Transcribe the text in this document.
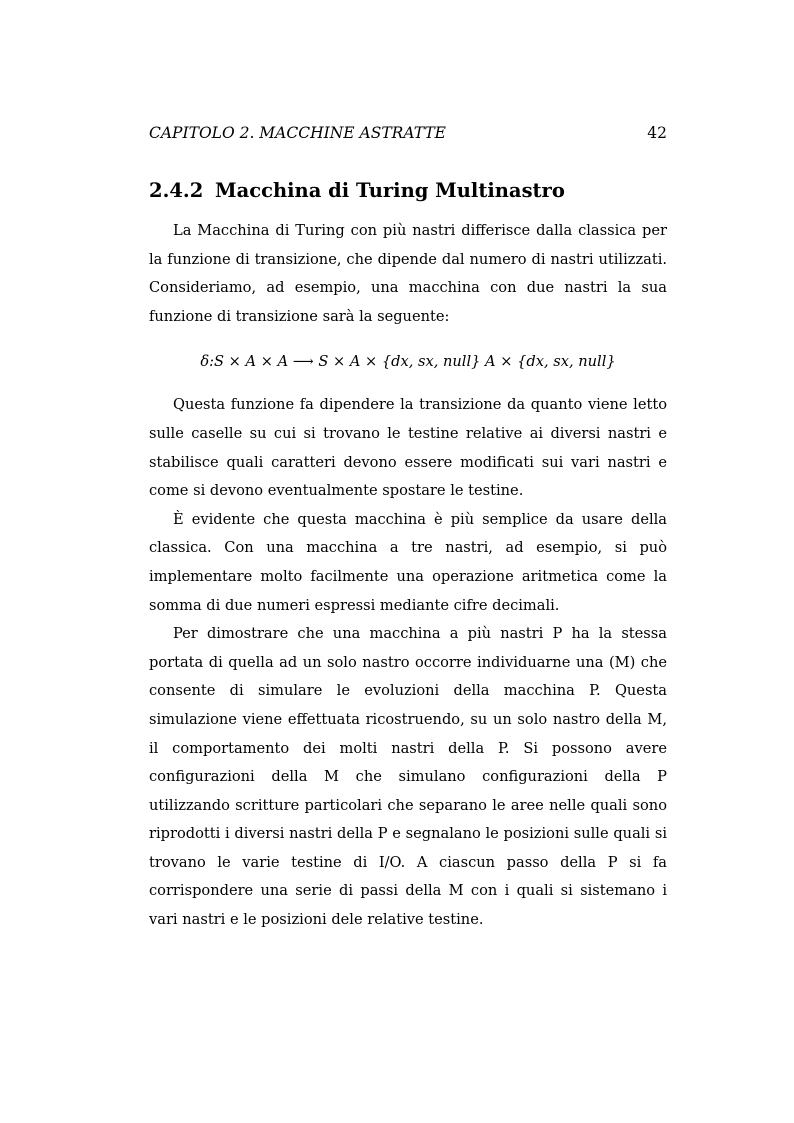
CAPITOLO 2. MACCHINE ASTRATTE	42
2.4.2 Macchina di Turing Multinastro

La Macchina di Turing con più nastri differisce dalla classica per la funzione di transizione, che dipende dal numero di nastri utilizzati. Consideriamo, ad esempio, una macchina con due nastri la sua funzione di transizione sarà la seguente:

δ:S × A × A ⟶ S × A × {dx, sx, null} A × {dx, sx, null}

Questa funzione fa dipendere la transizione da quanto viene letto sulle caselle su cui si trovano le testine relative ai diversi nastri e stabilisce quali caratteri devono essere modificati sui vari nastri e come si devono eventualmente spostare le testine.

È evidente che questa macchina è più semplice da usare della classica. Con una macchina a tre nastri, ad esempio, si può implementare molto facilmente una operazione aritmetica come la somma di due numeri espressi mediante cifre decimali.

Per dimostrare che una macchina a più nastri P ha la stessa portata di quella ad un solo nastro occorre individuarne una (M) che consente di simulare le evoluzioni della macchina P. Questa simulazione viene effettuata ricostruendo, su un solo nastro della M, il comportamento dei molti nastri della P. Si possono avere configurazioni della M che simulano configurazioni della P utilizzando scritture particolari che separano le aree nelle quali sono riprodotti i diversi nastri della P e segnalano le posizioni sulle quali si trovano le varie testine di I/O. A ciascun passo della P si fa corrispondere una serie di passi della M con i quali si sistemano i vari nastri e le posizioni dele relative testine.
